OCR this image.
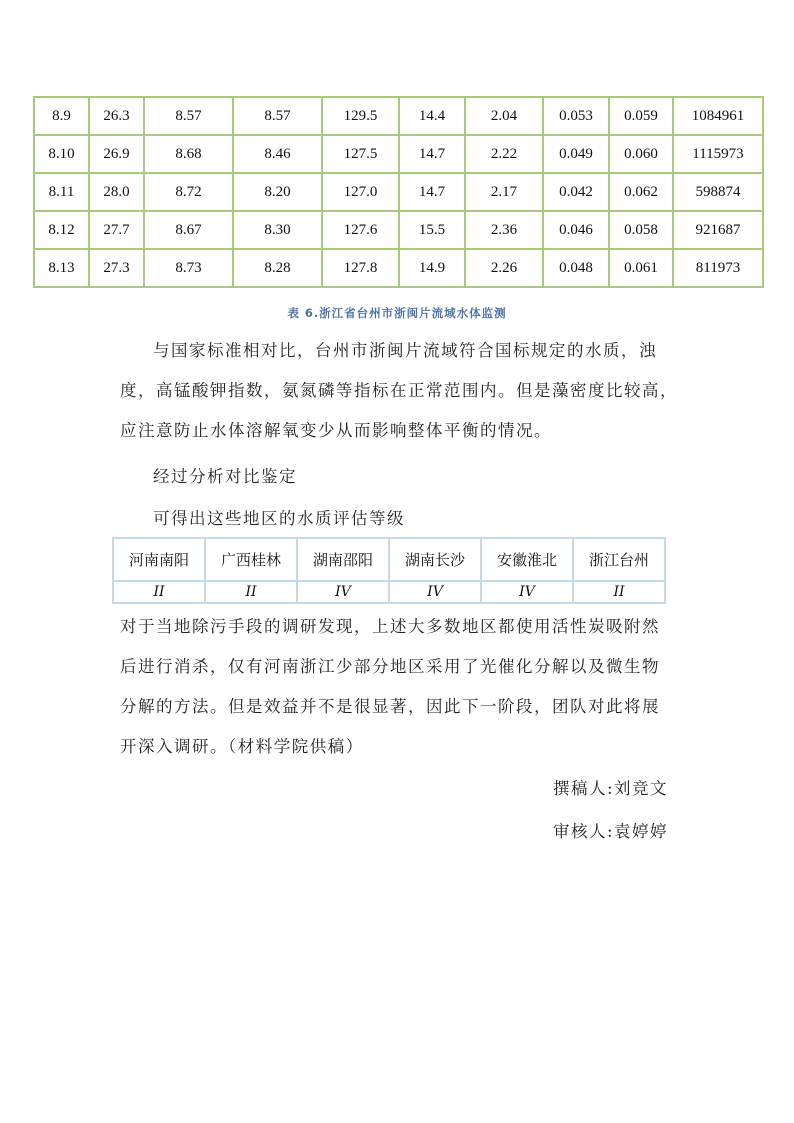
8.9	26.3	8.57	8.57	129.5	14.4	2.04	0.053	0.059	1084961
8.10	26.9	8.68	8.46	127.5	14.7	2.22	0.049	0.060	1115973
8.11	28.0	8.72	8.20	127.0	14.7	2.17	0.042	0.062	598874
8.12	27.7	8.67	8.30	127.6	15.5	2.36	0.046	0.058	921687
8.13	27.3	8.73	8.28	127.8	14.9	2.26	0.048	0.061	811973
表 6.浙江省台州市浙闽片流域水体监测

与国家标准相对比，台州市浙闽片流域符合国标规定的水质，浊

度，高锰酸钾指数，氨氮磷等指标在正常范围内。但是藻密度比较高，

应注意防止水体溶解氧变少从而影响整体平衡的情况。

经过分析对比鉴定
可得出这些地区的水质评估等级
河南南阳	广西桂林	湖南邵阳	湖南长沙	安徽淮北	浙江台州
II	II	IV	IV	IV	II

对于当地除污手段的调研发现，上述大多数地区都使用活性炭吸附然

后进行消杀，仅有河南浙江少部分地区采用了光催化分解以及微生物

分解的方法。但是效益并不是很显著，因此下一阶段，团队对此将展

开深入调研。（材料学院供稿）

撰稿人:刘竞文
审核人:袁婷婷
